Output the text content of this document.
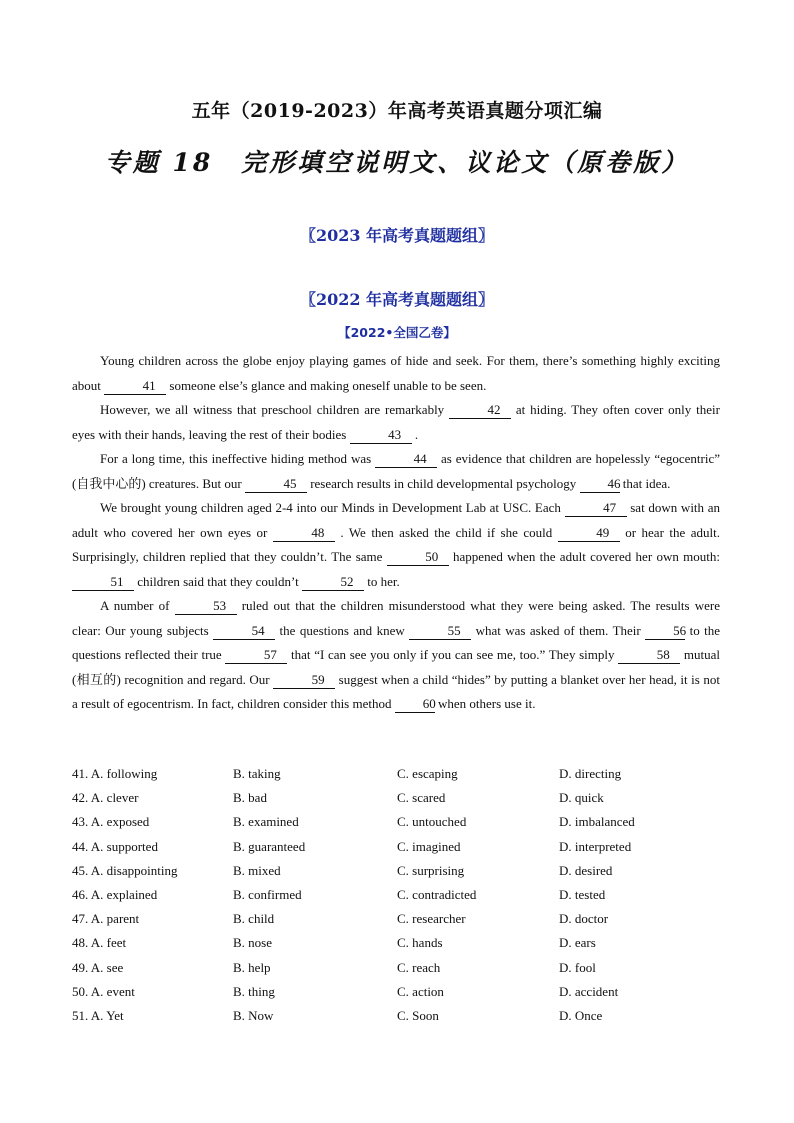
五年（2019-2023）年高考英语真题分项汇编
专题 18　完形填空说明文、议论文（原卷版）
〖2023 年高考真题题组〗
〖2022 年高考真题题组〗
【2022•全国乙卷】

Young children across the globe enjoy playing games of hide and seek. For them, there’s something highly exciting about	41 someone else’s glance and making oneself unable to be seen.

However, we all witness that preschool children are remarkably	42 at hiding. They often cover only their eyes with their hands, leaving the rest of their bodies	43 .

For a long time, this ineffective hiding method was	44 as evidence that children are hopelessly “egocentric” (自我中心的) creatures. But our	45 research results in child developmental psychology 46 that idea.

We brought young children aged 2-4 into our Minds in Development Lab at USC. Each	47 sat down with an adult who covered her own eyes or	48 . We then asked the child if she could	49 or hear the adult. Surprisingly, children replied that they couldn’t. The same	50 happened when the adult covered her own mouth: 51 children said that they couldn’t	52 to her.

A number of	53 ruled out that the children misunderstood what they were being asked. The results were clear: Our young subjects	54 the questions and knew	55 what was asked of them. Their 56 to the questions reflected their true	57 that “I can see you only if you can see me, too.” They simply	58 mutual (相互的) recognition and regard. Our	59 suggest when a child “hides” by putting a blanket over her head, it is not a result of egocentrism. In fact, children consider this method 60 when others use it.

41. A. following	B. taking	C. escaping	D. directing
42. A. clever	B. bad	C. scared	D. quick
43. A. exposed	B. examined	C. untouched	D. imbalanced
44. A. supported	B. guaranteed	C. imagined	D. interpreted
45. A. disappointing	B. mixed	C. surprising	D. desired
46. A. explained	B. confirmed	C. contradicted	D. tested
47. A. parent	B. child	C. researcher	D. doctor
48. A. feet	B. nose	C. hands	D. ears
49. A. see	B. help	C. reach	D. fool
50. A. event	B. thing	C. action	D. accident
51. A. Yet	B. Now	C. Soon	D. Once
